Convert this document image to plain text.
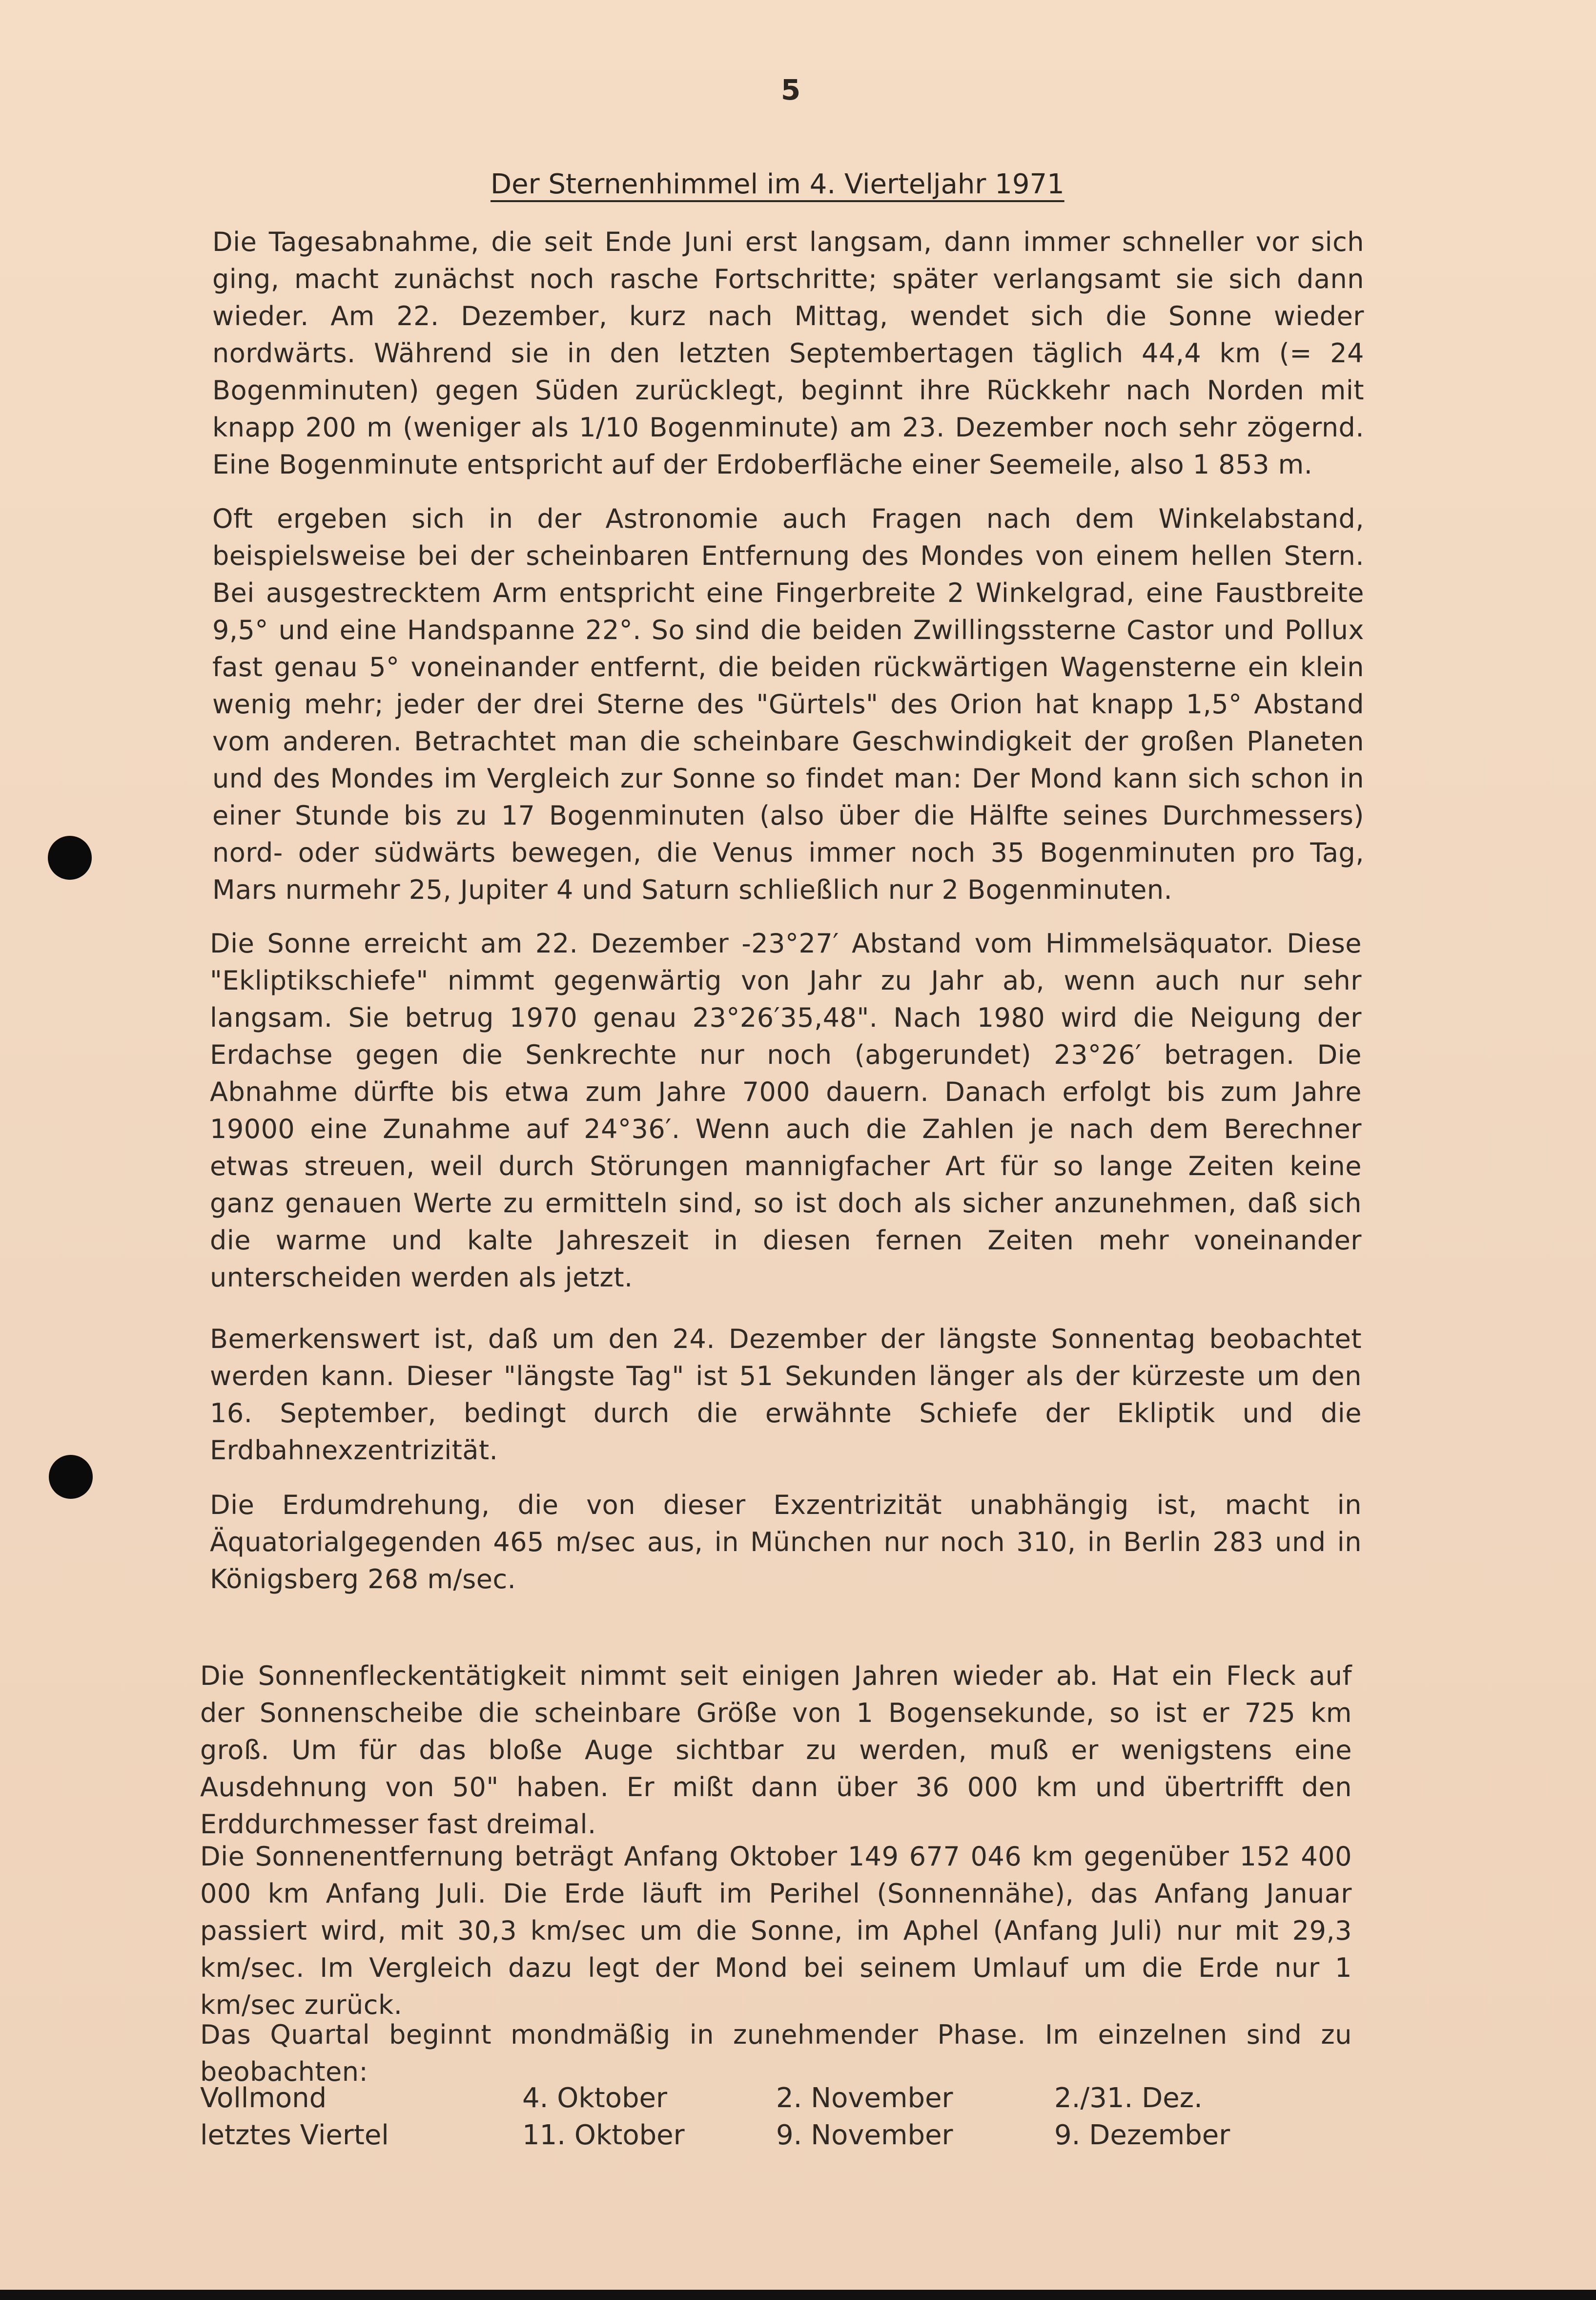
5
Der Sternenhimmel im 4. Vierteljahr 1971
Die Tagesabnahme, die seit Ende Juni erst langsam, dann immer schneller vor sich ging, macht zunächst noch rasche Fortschritte; später verlangsamt sie sich dann wieder. Am 22. Dezember, kurz nach Mittag, wendet sich die Sonne wieder nordwärts. Während sie in den letzten Septembertagen täglich 44,4 km (= 24 Bogenminuten) gegen Süden zurücklegt, beginnt ihre Rückkehr nach Norden mit knapp 200 m (weniger als 1/10 Bogenminute) am 23. Dezember noch sehr zögernd. Eine Bogenminute entspricht auf der Erdoberfläche einer Seemeile, also 1 853 m.
Oft ergeben sich in der Astronomie auch Fragen nach dem Winkelabstand, beispielsweise bei der scheinbaren Entfernung des Mondes von einem hellen Stern. Bei ausgestrecktem Arm entspricht eine Fingerbreite 2 Winkelgrad, eine Faustbreite 9,5° und eine Handspanne 22°. So sind die beiden Zwillingssterne Castor und Pollux fast genau 5° voneinander entfernt, die beiden rückwärtigen Wagensterne ein klein wenig mehr; jeder der drei Sterne des "Gürtels" des Orion hat knapp 1,5° Abstand vom anderen. Betrachtet man die scheinbare Geschwindigkeit der großen Planeten und des Mondes im Vergleich zur Sonne so findet man: Der Mond kann sich schon in einer Stunde bis zu 17 Bogenminuten (also über die Hälfte seines Durchmessers) nord- oder südwärts bewegen, die Venus immer noch 35 Bogenminuten pro Tag, Mars nurmehr 25, Jupiter 4 und Saturn schließlich nur 2 Bogenminuten.
Die Sonne erreicht am 22. Dezember -23°27′ Abstand vom Himmelsäquator. Diese "Ekliptikschiefe" nimmt gegenwärtig von Jahr zu Jahr ab, wenn auch nur sehr langsam. Sie betrug 1970 genau 23°26′35,48". Nach 1980 wird die Neigung der Erdachse gegen die Senkrechte nur noch (abgerundet) 23°26′ betragen. Die Abnahme dürfte bis etwa zum Jahre 7000 dauern. Danach erfolgt bis zum Jahre 19000 eine Zunahme auf 24°36′. Wenn auch die Zahlen je nach dem Berechner etwas streuen, weil durch Störungen mannigfacher Art für so lange Zeiten keine ganz genauen Werte zu ermitteln sind, so ist doch als sicher anzunehmen, daß sich die warme und kalte Jahreszeit in diesen fernen Zeiten mehr voneinander unterscheiden werden als jetzt.
Bemerkenswert ist, daß um den 24. Dezember der längste Sonnentag beobachtet werden kann. Dieser "längste Tag" ist 51 Sekunden länger als der kürzeste um den 16. September, bedingt durch die erwähnte Schiefe der Ekliptik und die Erdbahnexzentrizität.
Die Erdumdrehung, die von dieser Exzentrizität unabhängig ist, macht in Äquatorialgegenden 465 m/sec aus, in München nur noch 310, in Berlin 283 und in Königsberg 268 m/sec.
Die Sonnenfleckentätigkeit nimmt seit einigen Jahren wieder ab. Hat ein Fleck auf der Sonnenscheibe die scheinbare Größe von 1 Bogensekunde, so ist er 725 km groß. Um für das bloße Auge sichtbar zu werden, muß er wenigstens eine Ausdehnung von 50" haben. Er mißt dann über 36 000 km und übertrifft den Erddurchmesser fast dreimal.
Die Sonnenentfernung beträgt Anfang Oktober 149 677 046 km gegenüber 152 400 000 km Anfang Juli. Die Erde läuft im Perihel (Sonnennähe), das Anfang Januar passiert wird, mit 30,3 km/sec um die Sonne, im Aphel (Anfang Juli) nur mit 29,3 km/sec. Im Vergleich dazu legt der Mond bei seinem Umlauf um die Erde nur 1 km/sec zurück.
Das Quartal beginnt mondmäßig in zunehmender Phase. Im einzelnen sind zu beobachten:
Vollmond	4. Oktober	2. November	2./31. Dez.
letztes Viertel	11. Oktober	9. November	9. Dezember
